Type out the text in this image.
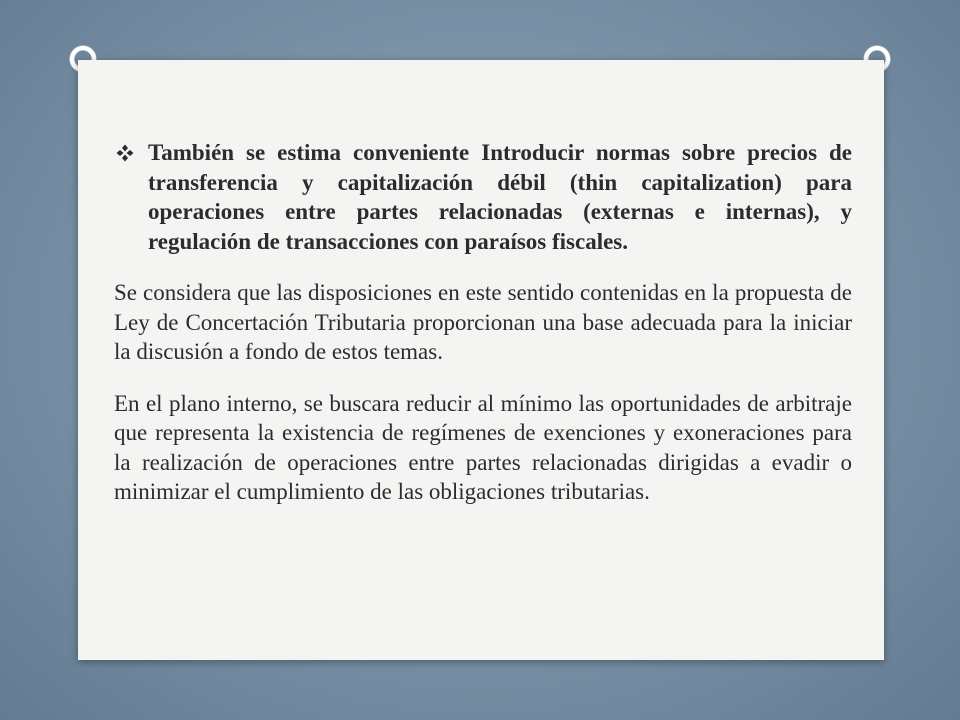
También se estima conveniente Introducir normas sobre precios de transferencia y capitalización débil (thin capitalization) para operaciones entre partes relacionadas (externas e internas), y regulación de transacciones con paraísos fiscales.

Se considera que las disposiciones en este sentido contenidas en la propuesta de Ley de Concertación Tributaria proporcionan una base adecuada para la iniciar la discusión a fondo de estos temas.

En el plano interno, se buscara reducir al mínimo las oportunidades de arbitraje que representa la existencia de regímenes de exenciones y exoneraciones para la realización de operaciones entre partes relacionadas dirigidas a evadir o minimizar el cumplimiento de las obligaciones tributarias.
